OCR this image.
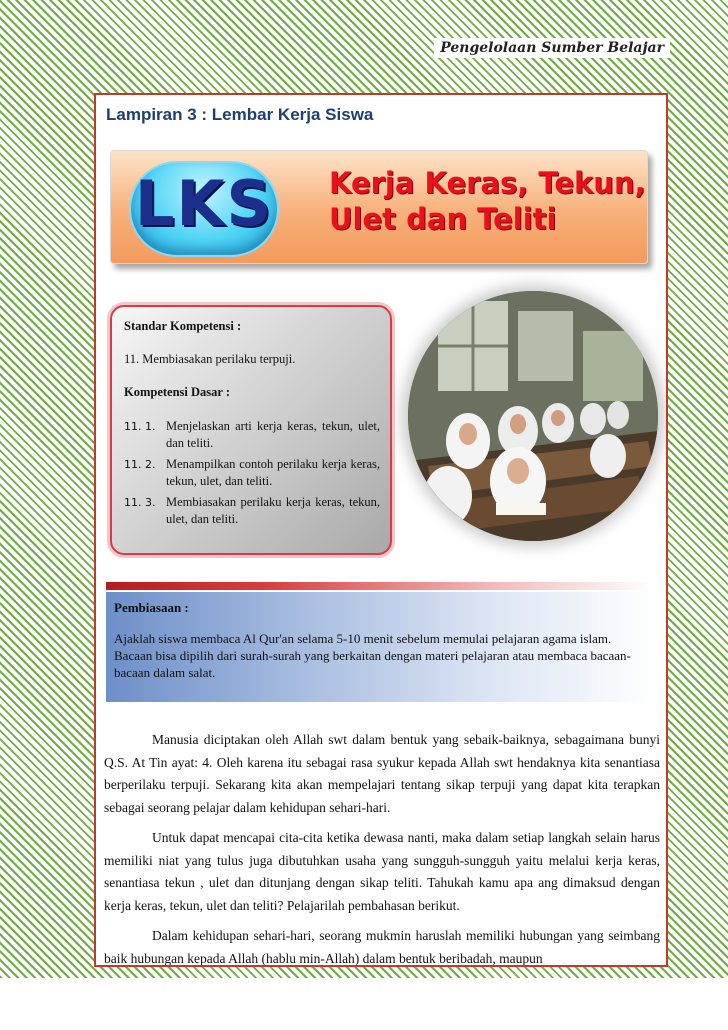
Pengelolaan Sumber Belajar
Lampiran 3 : Lembar Kerja Siswa
LKS Kerja Keras, Tekun,
Ulet dan Teliti
Standar Kompetensi :
11. Membiasakan perilaku terpuji.
Kompetensi Dasar :
11. 1. Menjelaskan arti kerja keras, tekun, ulet, dan teliti.
11. 2. Menampilkan contoh perilaku kerja keras, tekun, ulet, dan teliti.
11. 3. Membiasakan perilaku kerja keras, tekun, ulet, dan teliti.
Pembiasaan :
Ajaklah siswa membaca Al Qur'an selama 5-10 menit sebelum memulai pelajaran agama islam. Bacaan bisa dipilih dari surah-surah yang berkaitan dengan materi pelajaran atau membaca bacaan-bacaan dalam salat.

Manusia diciptakan oleh Allah swt dalam bentuk yang sebaik-baiknya, sebagaimana bunyi Q.S. At Tin ayat: 4. Oleh karena itu sebagai rasa syukur kepada Allah swt hendaknya kita senantiasa berperilaku terpuji. Sekarang kita akan mempelajari tentang sikap terpuji yang dapat kita terapkan sebagai seorang pelajar dalam kehidupan sehari-hari.

Untuk dapat mencapai cita-cita ketika dewasa nanti, maka dalam setiap langkah selain harus memiliki niat yang tulus juga dibutuhkan usaha yang sungguh-sungguh yaitu melalui kerja keras, senantiasa tekun , ulet dan ditunjang dengan sikap teliti. Tahukah kamu apa ang dimaksud dengan kerja keras, tekun, ulet dan teliti? Pelajarilah pembahasan berikut.

Dalam kehidupan sehari-hari, seorang mukmin haruslah memiliki hubungan yang seimbang baik hubungan kepada Allah (hablu min-Allah) dalam bentuk beribadah, maupun
